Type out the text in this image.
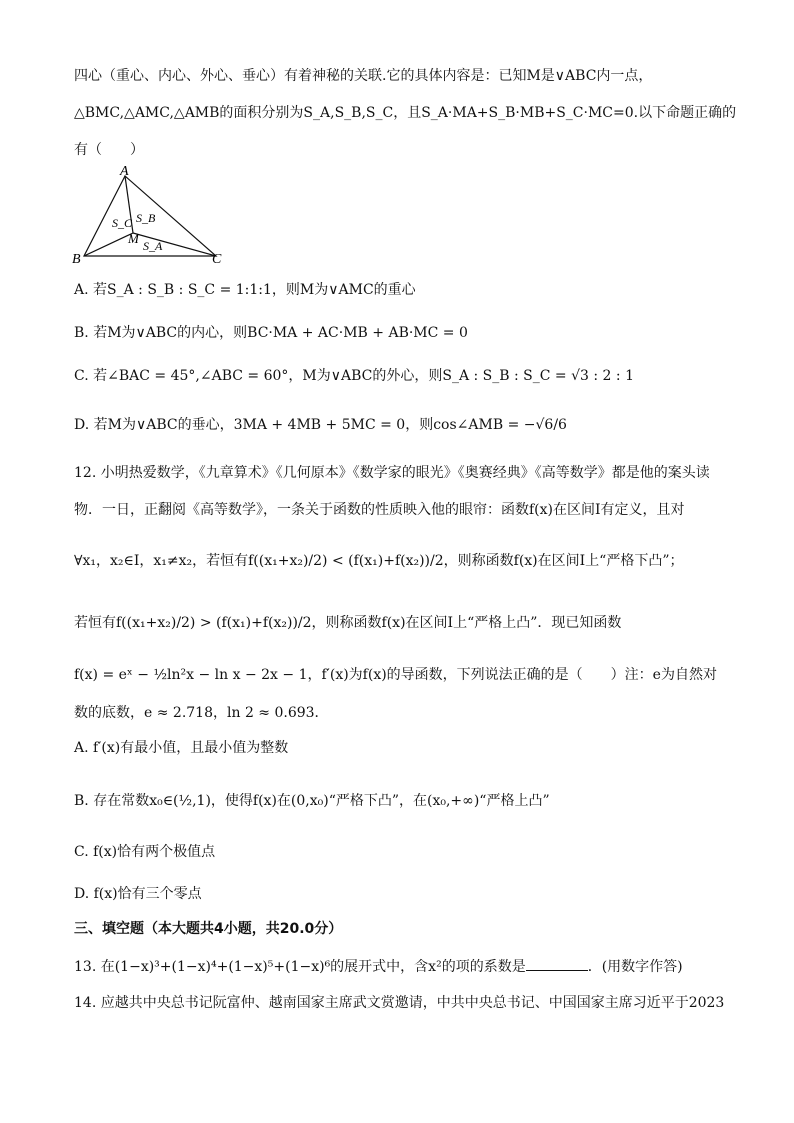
四心（重心、内心、外心、垂心）有着神秘的关联.它的具体内容是：已知M是∨ABC内一点，
△BMC,△AMC,△AMB的面积分别为S_A,S_B,S_C，且S_A·MA+S_B·MB+S_C·MC=0.以下命题正确的
有（　　）
A
B	C
M
S_C S_B
S_A
A. 若S_A : S_B : S_C = 1:1:1，则M为∨AMC的重心
B. 若M为∨ABC的内心，则BC·MA + AC·MB + AB·MC = 0
C. 若∠BAC = 45°,∠ABC = 60°，M为∨ABC的外心，则S_A : S_B : S_C = √3 : 2 : 1
D. 若M为∨ABC的垂心，3MA + 4MB + 5MC = 0，则cos∠AMB = −√6/6
12. 小明热爱数学，《九章算术》《几何原本》《数学家的眼光》《奥赛经典》《高等数学》都是他的案头读
物．一日，正翻阅《高等数学》，一条关于函数的性质映入他的眼帘：函数f(x)在区间I有定义，且对
∀x₁，x₂∈I，x₁≠x₂，若恒有f((x₁+x₂)/2) < (f(x₁)+f(x₂))/2，则称函数f(x)在区间I上“严格下凸”；
若恒有f((x₁+x₂)/2) > (f(x₁)+f(x₂))/2，则称函数f(x)在区间I上“严格上凸”．现已知函数
f(x) = eˣ − ½ln²x − ln x − 2x − 1，f′(x)为f(x)的导函数，下列说法正确的是（　　）注：e为自然对
数的底数，e ≈ 2.718，ln 2 ≈ 0.693．
A. f′(x)有最小值，且最小值为整数
B. 存在常数x₀∈(½,1)，使得f(x)在(0,x₀)“严格下凸”，在(x₀,+∞)“严格上凸”
C. f(x)恰有两个极值点
D. f(x)恰有三个零点
三、填空题（本大题共4小题，共20.0分）
13. 在(1−x)³+(1−x)⁴+(1−x)⁵+(1−x)⁶的展开式中，含x²的项的系数是	．(用数字作答)
14. 应越共中央总书记阮富仲、越南国家主席武文赏邀请，中共中央总书记、中国国家主席习近平于2023
